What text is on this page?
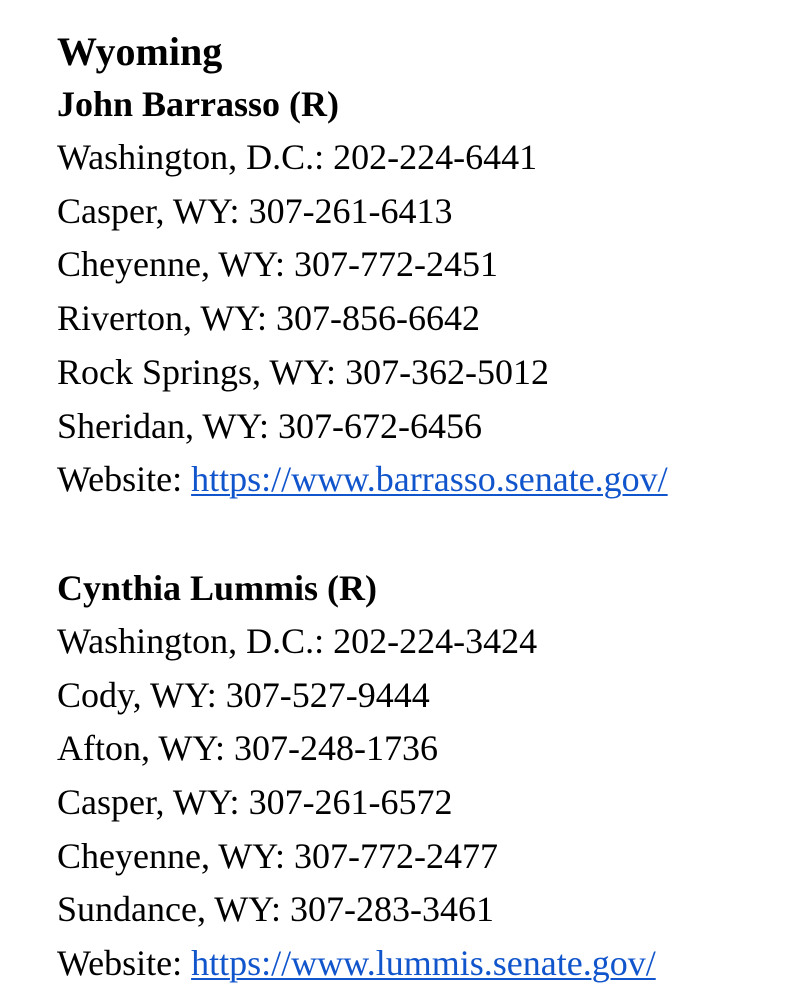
Wyoming
John Barrasso (R)
Washington, D.C.: 202-224-6441
Casper, WY: 307-261-6413
Cheyenne, WY: 307-772-2451
Riverton, WY: 307-856-6642
Rock Springs, WY: 307-362-5012
Sheridan, WY: 307-672-6456
Website: https://www.barrasso.senate.gov/
Cynthia Lummis (R)
Washington, D.C.: 202-224-3424
Cody, WY: 307-527-9444
Afton, WY: 307-248-1736
Casper, WY: 307-261-6572
Cheyenne, WY: 307-772-2477
Sundance, WY: 307-283-3461
Website: https://www.lummis.senate.gov/
